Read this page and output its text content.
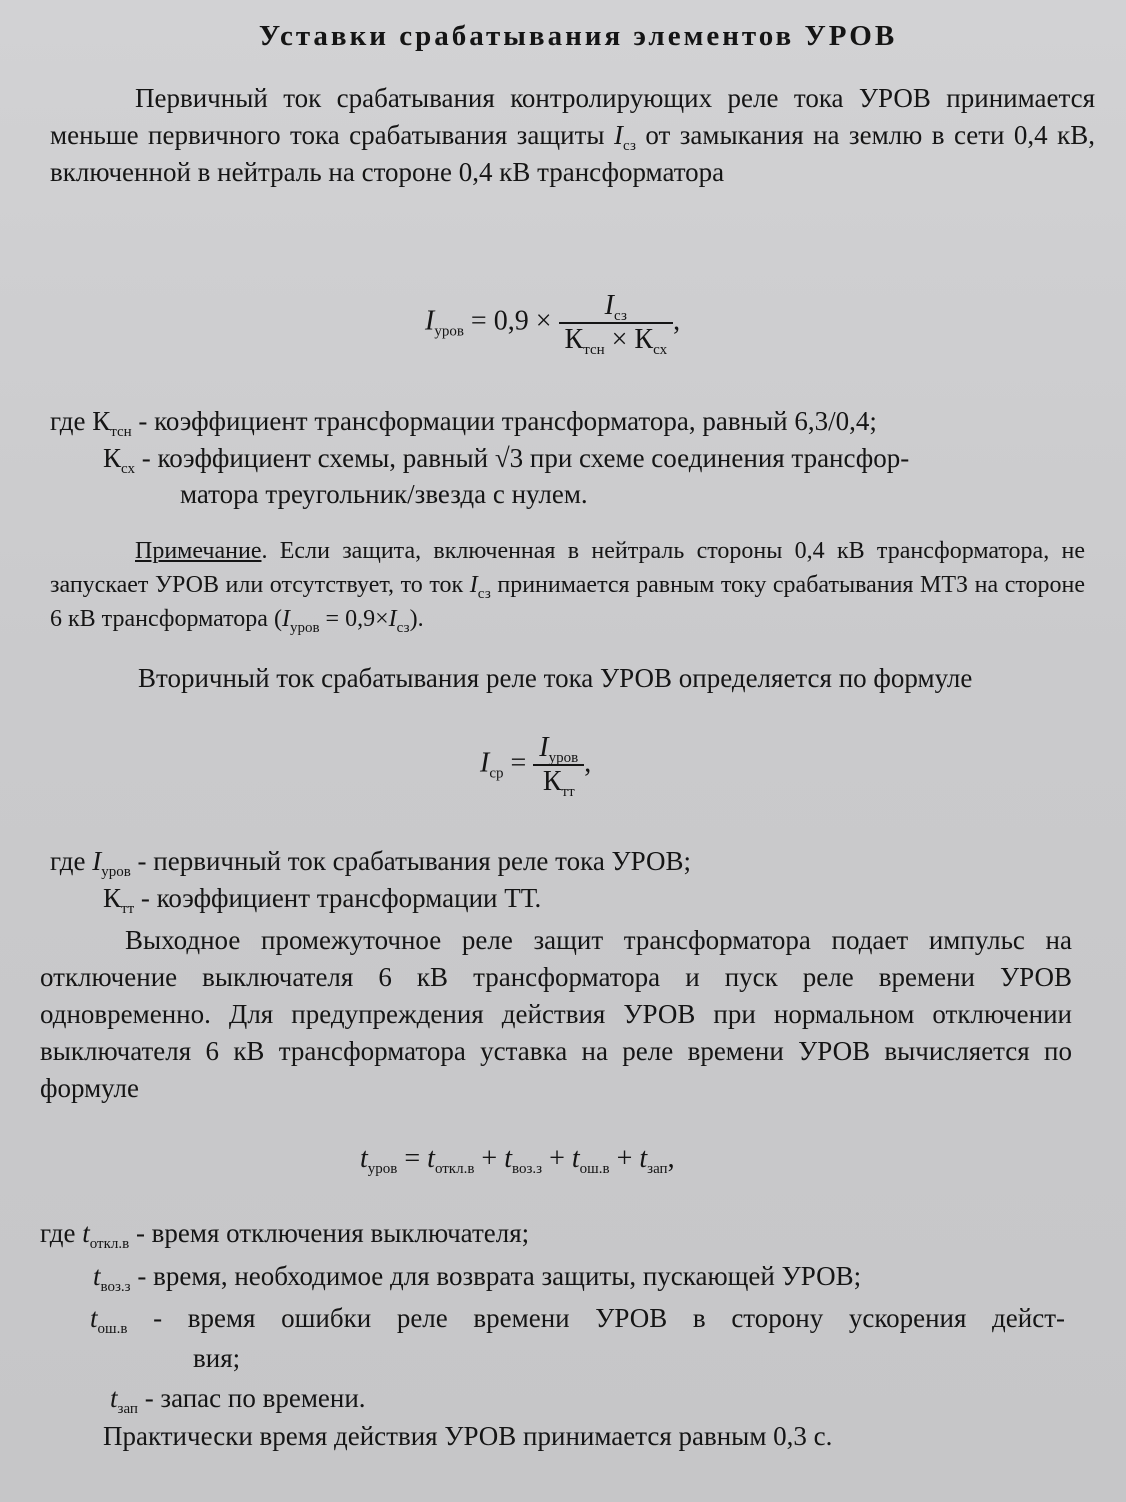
Уставки срабатывания элементов УРОВ
Первичный ток срабатывания контролирующих реле тока УРОВ принимается меньше первичного тока срабатывания защиты $I_{сз}$ от замыкания на землю в сети 0,4 кВ, включенной в нейтраль на стороне 0,4 кВ трансформатора
$I_{уров} = 0,9 \times \frac{I_{сз}}{К_{тсн} \times К_{сх}}$ ,
где $К_{тсн}$ - коэффициент трансформации трансформатора, равный 6,3/0,4;
$К_{сх}$ - коэффициент схемы, равный √3 при схеме соединения трансфор-
матора треугольник/звезда с нулем.
Примечание. Если защита, включенная в нейтраль стороны 0,4 кВ трансформатора, не запускает УРОВ или отсутствует, то ток $I_{сз}$ принимается равным току срабатывания МТЗ на стороне 6 кВ трансформатора $(I_{уров} = 0,9\times I_{сз})$.
Вторичный ток срабатывания реле тока УРОВ определяется по формуле
$I_{ср} = \frac{I_{уров}}{К_{тт}}$ ,
где $I_{уров}$ - первичный ток срабатывания реле тока УРОВ;
$К_{тт}$ - коэффициент трансформации ТТ.
Выходное промежуточное реле защит трансформатора подает импульс на отключение выключателя 6 кВ трансформатора и пуск реле времени УРОВ одновременно. Для предупреждения действия УРОВ при нормальном отключении выключателя 6 кВ трансформатора уставка на реле времени УРОВ вычисляется по формуле
$t_{уров} = t_{откл.в} + t_{воз.з} + t_{ош.в} + t_{зап}$,
где $t_{откл.в}$ - время отключения выключателя;
$t_{воз.з}$ - время, необходимое для возврата защиты, пускающей УРОВ;
$t_{ош.в}$ - время ошибки реле времени УРОВ в сторону ускорения дейст-
вия;
$t_{зап}$ - запас по времени.
Практически время действия УРОВ принимается равным 0,3 с.
